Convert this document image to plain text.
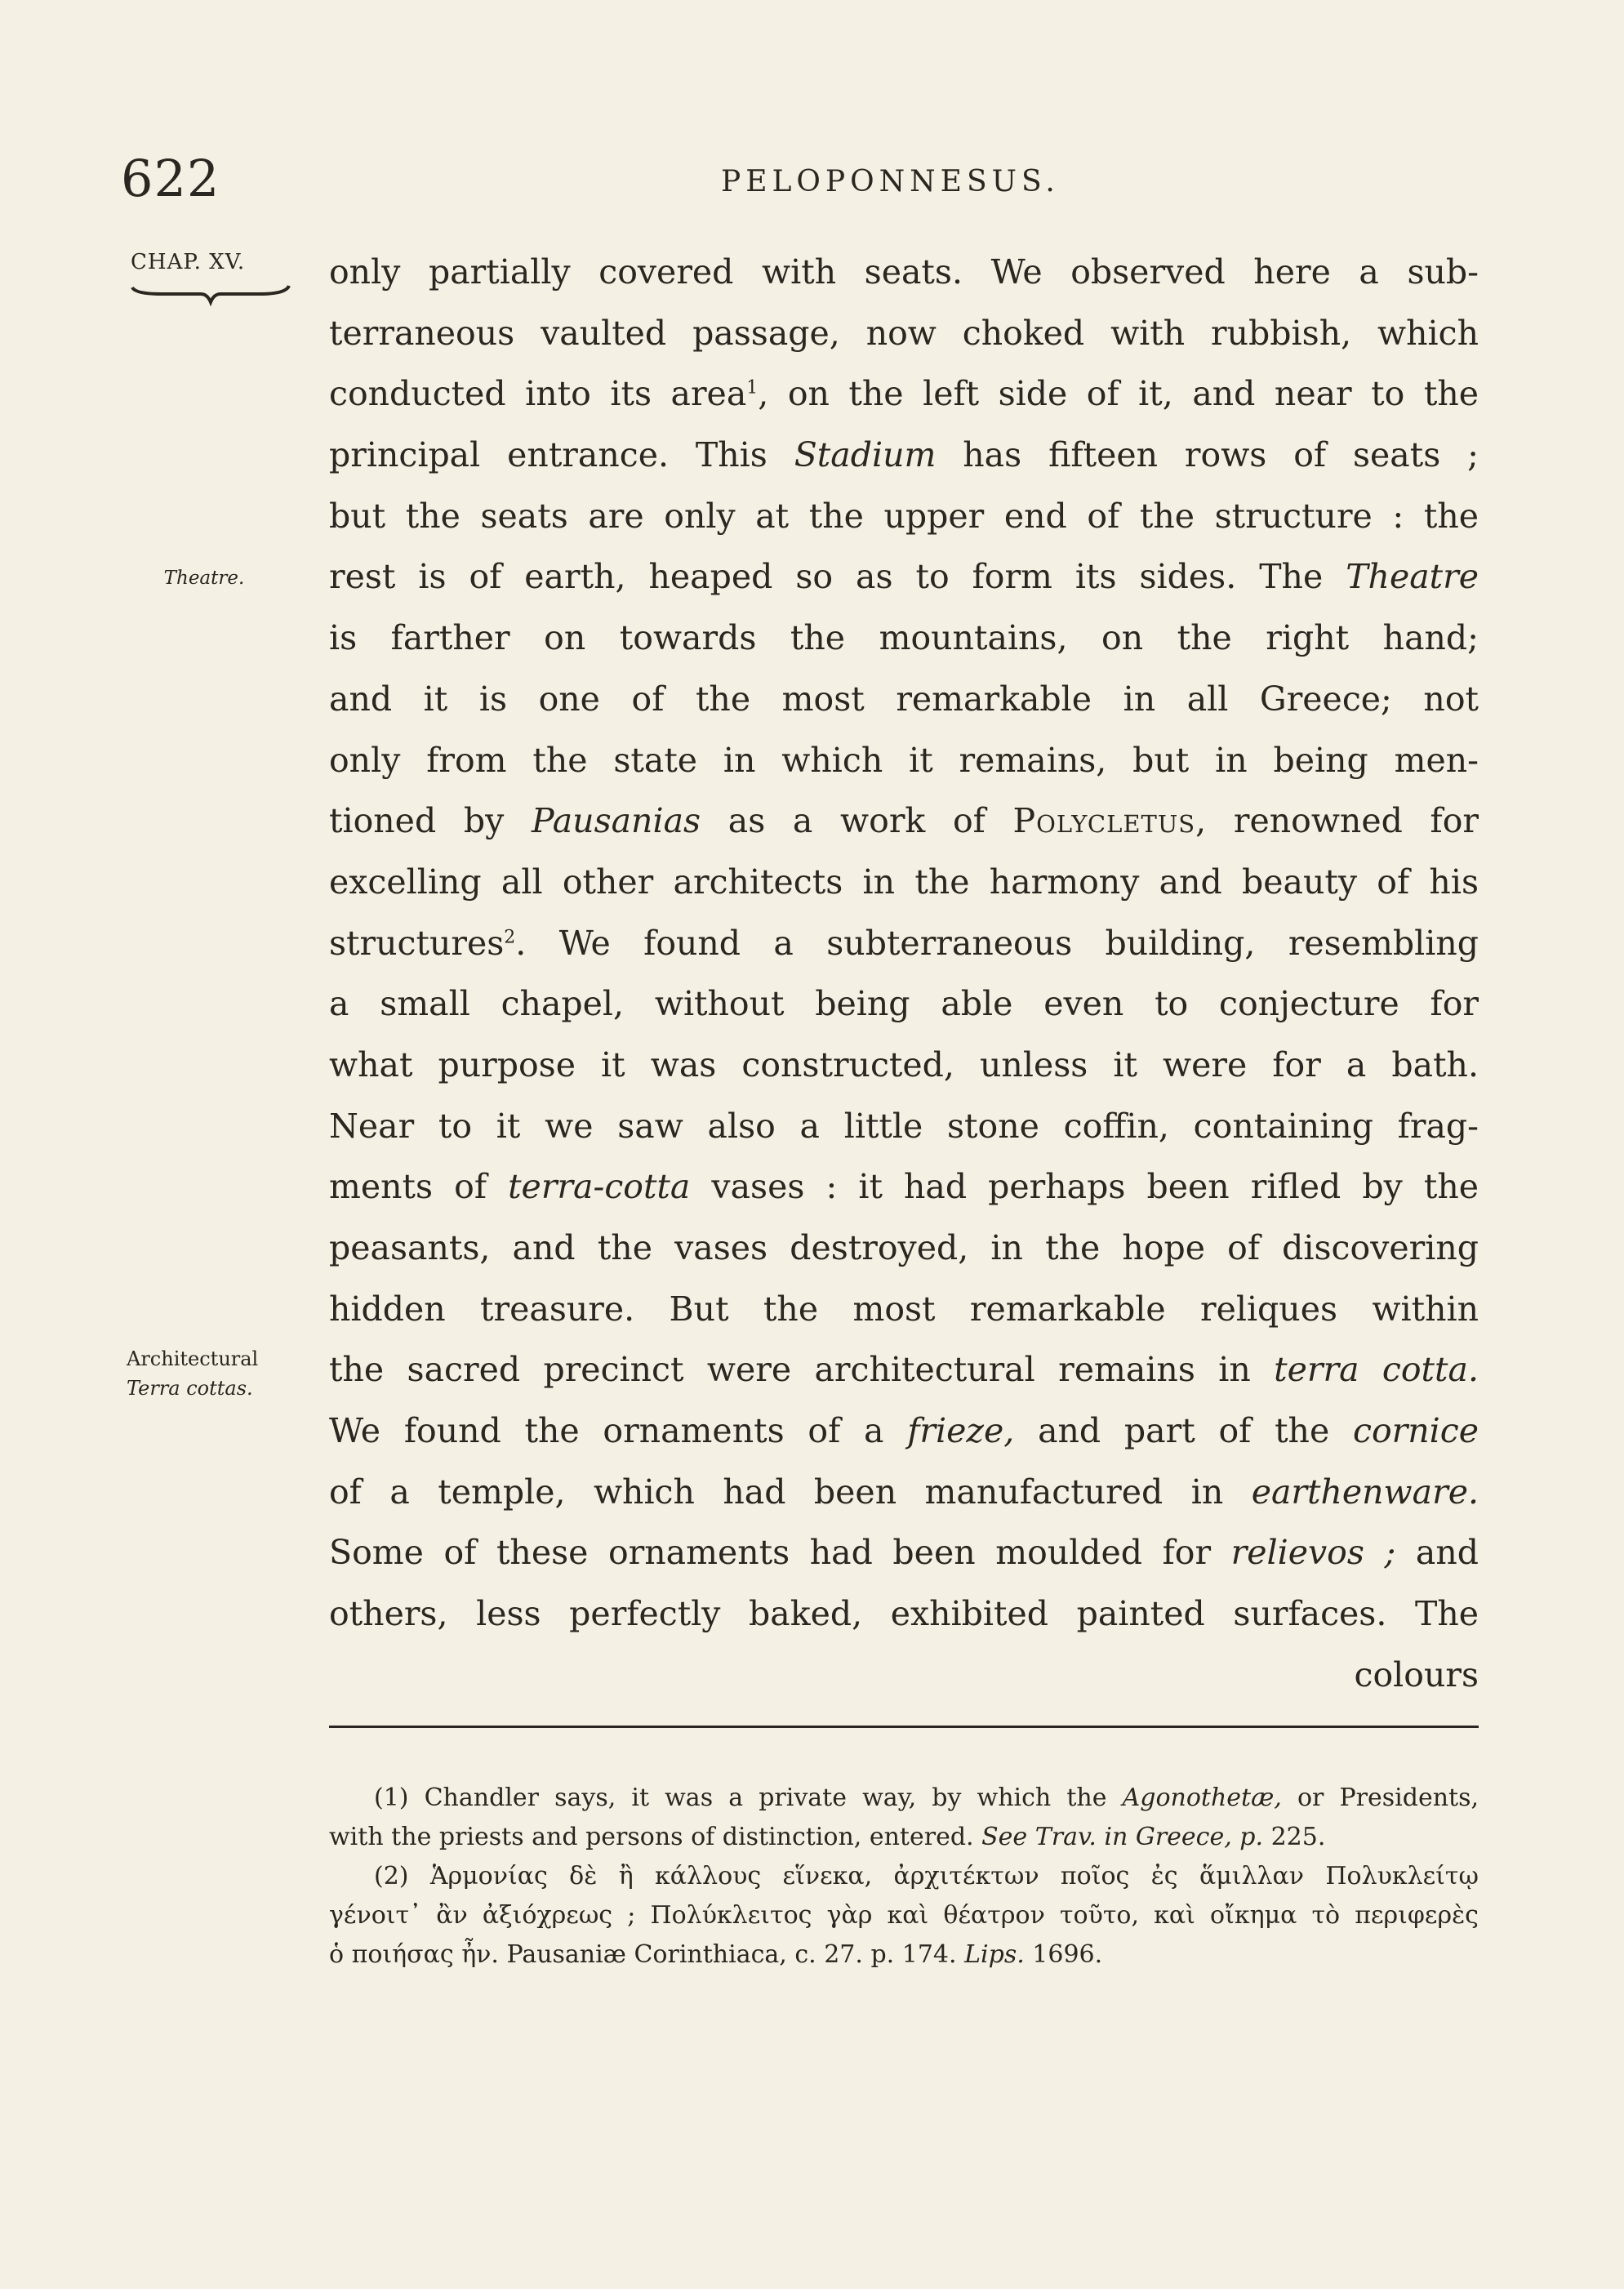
622	PELOPONNESUS.
CHAP. XV.
Theatre.
Architectural
Terra cottas.
only partially covered with seats. We observed here a sub-
terraneous vaulted passage, now choked with rubbish, which
conducted into its area$^1$, on the left side of it, and near to the
principal entrance. This Stadium has fifteen rows of seats ;
but the seats are only at the upper end of the structure : the
rest is of earth, heaped so as to form its sides. The Theatre
is farther on towards the mountains, on the right hand;
and it is one of the most remarkable in all Greece; not
only from the state in which it remains, but in being men-
tioned by Pausanias as a work of Polycletus, renowned for
excelling all other architects in the harmony and beauty of his
structures$^2$. We found a subterraneous building, resembling
a small chapel, without being able even to conjecture for
what purpose it was constructed, unless it were for a bath.
Near to it we saw also a little stone coffin, containing frag-
ments of terra-cotta vases : it had perhaps been rifled by the
peasants, and the vases destroyed, in the hope of discovering
hidden treasure. But the most remarkable reliques within
the sacred precinct were architectural remains in terra cotta.
We found the ornaments of a frieze, and part of the cornice
of a temple, which had been manufactured in earthenware.
Some of these ornaments had been moulded for relievos ; and
others, less perfectly baked, exhibited painted surfaces. The
colours
(1) Chandler says, it was a private way, by which the Agonothetæ, or Presidents,
with the priests and persons of distinction, entered. See Trav. in Greece, p. 225.
(2) Ἁρμονίας δὲ ἢ κάλλους εἵνεκα, ἀρχιτέκτων ποῖος ἐς ἅμιλλαν Πολυκλείτῳ
γένοιτ᾽ ἂν ἀξιόχρεως ; Πολύκλειτος γὰρ καὶ θέατρον τοῦτο, καὶ οἴκημα τὸ περιφερὲς
ὁ ποιήσας ἦν. Pausaniæ Corinthiaca, c. 27. p. 174. Lips. 1696.
